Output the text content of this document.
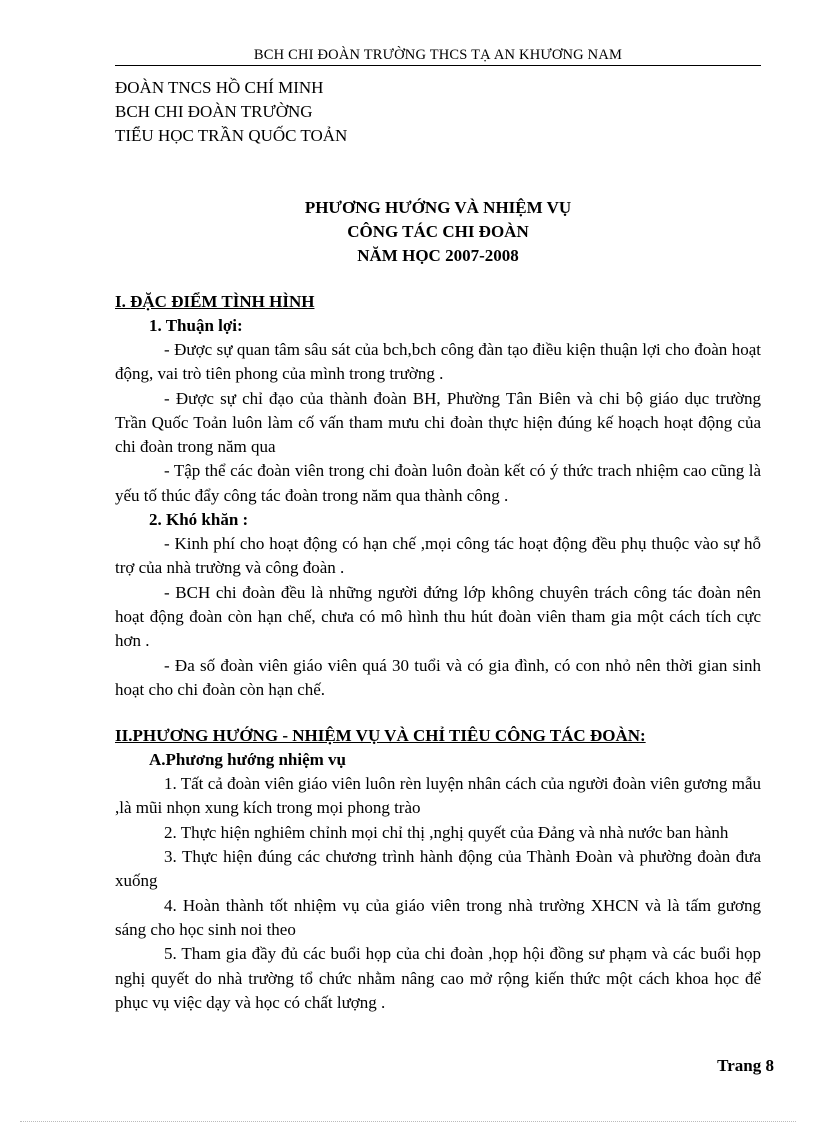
BCH CHI ĐOÀN TRƯỜNG THCS TẠ AN KHƯƠNG NAM
ĐOÀN TNCS HỒ CHÍ MINH
BCH CHI ĐOÀN TRƯỜNG
TIỂU HỌC TRẦN QUỐC TOẢN
PHƯƠNG HƯỚNG VÀ NHIỆM VỤ
CÔNG TÁC CHI ĐOÀN
NĂM HỌC 2007-2008
I. ĐẶC ĐIỂM TÌNH HÌNH
1. Thuận lợi:

- Được sự quan tâm sâu sát của bch,bch công đàn tạo điều kiện thuận lợi cho đoàn hoạt động, vai trò tiên phong của mình trong trường .

- Được sự chỉ đạo của thành đoàn BH, Phường Tân Biên và chi bộ giáo dục trường Trần Quốc Toản luôn làm cố vấn tham mưu chi đoàn thực hiện đúng kế hoạch hoạt động của chi đoàn trong năm qua

- Tập thể các đoàn viên trong chi đoàn luôn đoàn kết có ý thức trach nhiệm cao cũng là yếu tố thúc đẩy công tác đoàn trong năm qua thành công .

2. Khó khăn :

- Kinh phí cho hoạt động có hạn chế ,mọi công tác hoạt động đều phụ thuộc vào sự hỗ trợ của nhà trường và công đoàn .

- BCH chi đoàn đều là những người đứng lớp không chuyên trách công tác đoàn nên hoạt động đoàn còn hạn chế, chưa có mô hình thu hút đoàn viên tham gia một cách tích cực hơn .

- Đa số đoàn viên giáo viên quá 30 tuổi và có gia đình, có con nhỏ nên thời gian sinh hoạt cho chi đoàn còn hạn chế.

II.PHƯƠNG HƯỚNG - NHIỆM VỤ VÀ CHỈ TIÊU CÔNG TÁC ĐOÀN:
A.Phương hướng nhiệm vụ

1. Tất cả đoàn viên giáo viên luôn rèn luyện nhân cách của người đoàn viên gương mẫu ,là mũi nhọn xung kích trong mọi phong trào

2. Thực hiện nghiêm chỉnh mọi chỉ thị ,nghị quyết của Đảng và nhà nước ban hành

3. Thực hiện đúng các chương trình hành động của Thành Đoàn và phường đoàn đưa xuống

4. Hoàn thành tốt nhiệm vụ của giáo viên trong nhà trường XHCN và là tấm gương sáng cho học sinh noi theo

5. Tham gia đầy đủ các buổi họp của chi đoàn ,họp hội đồng sư phạm và các buổi họp nghị quyết do nhà trường tổ chức nhằm nâng cao mở rộng kiến thức một cách khoa học để phục vụ việc dạy và học có chất lượng .

Trang 8
